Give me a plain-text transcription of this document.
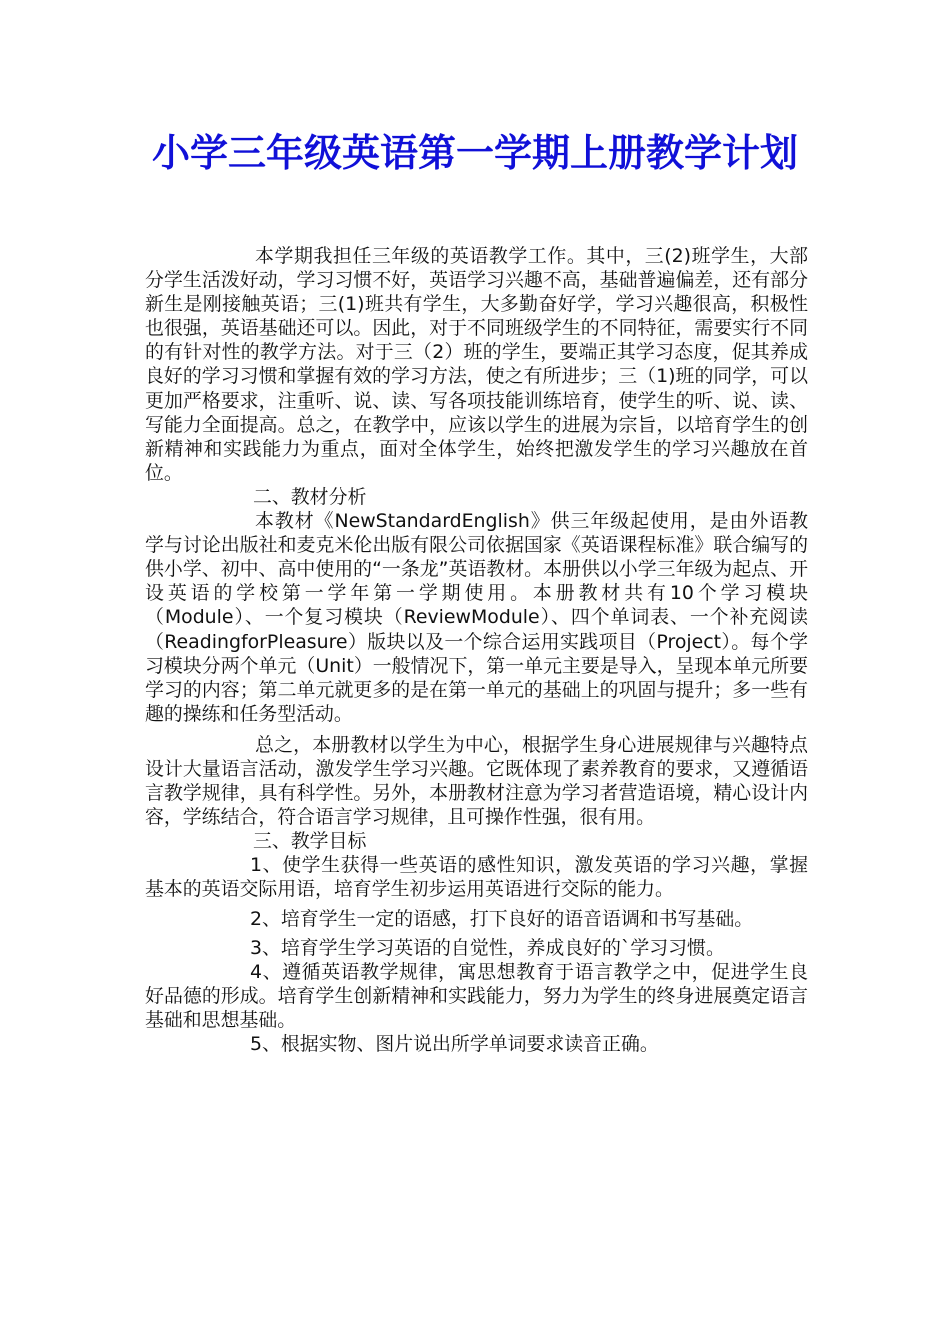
小学三年级英语第一学期上册教学计划

本学期我担任三年级的英语教学工作。其中，三(2)班学生，大部分学生活泼好动，学习习惯不好，英语学习兴趣不高，基础普遍偏差，还有部分新生是刚接触英语；三(1)班共有学生，大多勤奋好学，学习兴趣很高，积极性也很强，英语基础还可以。因此，对于不同班级学生的不同特征，需要实行不同的有针对性的教学方法。对于三（2）班的学生，要端正其学习态度，促其养成良好的学习习惯和掌握有效的学习方法，使之有所进步；三（1)班的同学，可以更加严格要求，注重听、说、读、写各项技能训练培育，使学生的听、说、读、写能力全面提高。总之，在教学中，应该以学生的进展为宗旨，以培育学生的创新精神和实践能力为重点，面对全体学生，始终把激发学生的学习兴趣放在首位。

二、教材分析

本教材《NewStandardEnglish》供三年级起使用，是由外语教学与讨论出版社和麦克米伦出版有限公司依据国家《英语课程标准》联合编写的供小学、初中、高中使用的“一条龙”英语教材。本册供以小学三年级为起点、开设英语的学校第一学年第一学期使用。本册教材共有10个学习模块（Module）、一个复习模块（ReviewModule）、四个单词表、一个补充阅读（ReadingforPleasure）版块以及一个综合运用实践项目（Project）。每个学习模块分两个单元（Unit）一般情况下，第一单元主要是导入，呈现本单元所要学习的内容；第二单元就更多的是在第一单元的基础上的巩固与提升；多一些有趣的操练和任务型活动。

总之，本册教材以学生为中心，根据学生身心进展规律与兴趣特点设计大量语言活动，激发学生学习兴趣。它既体现了素养教育的要求，又遵循语言教学规律，具有科学性。另外，本册教材注意为学习者营造语境，精心设计内容，学练结合，符合语言学习规律，且可操作性强，很有用。

三、教学目标

1、使学生获得一些英语的感性知识，激发英语的学习兴趣，掌握基本的英语交际用语，培育学生初步运用英语进行交际的能力。

2、培育学生一定的语感，打下良好的语音语调和书写基础。

3、培育学生学习英语的自觉性，养成良好的`学习习惯。

4、遵循英语教学规律，寓思想教育于语言教学之中，促进学生良好品德的形成。培育学生创新精神和实践能力，努力为学生的终身进展奠定语言基础和思想基础。

5、根据实物、图片说出所学单词要求读音正确。
